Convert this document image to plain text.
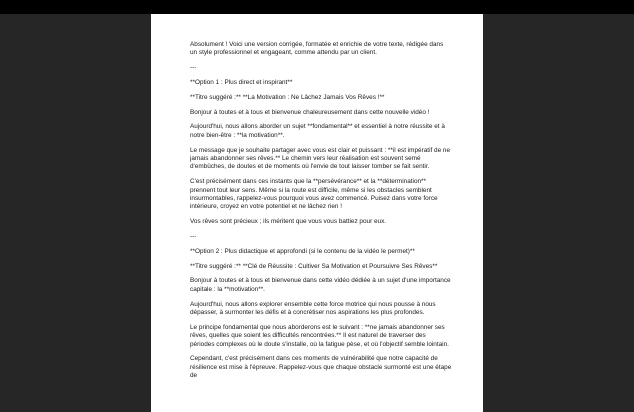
Absolument ! Voici une version corrigée, formatée et enrichie de votre texte, rédigée dans un style professionnel et engageant, comme attendu par un client.

---

**Option 1 : Plus direct et inspirant**

**Titre suggéré :** **La Motivation : Ne Lâchez Jamais Vos Rêves !**

Bonjour à toutes et à tous et bienvenue chaleureusement dans cette nouvelle vidéo !

Aujourd'hui, nous allons aborder un sujet **fondamental** et essentiel à notre réussite et à notre bien-être : **la motivation**.

Le message que je souhaite partager avec vous est clair et puissant : **il est impératif de ne jamais abandonner ses rêves.** Le chemin vers leur réalisation est souvent semé d'embûches, de doutes et de moments où l'envie de tout laisser tomber se fait sentir.

C'est précisément dans ces instants que la **persévérance** et la **détermination** prennent tout leur sens. Même si la route est difficile, même si les obstacles semblent insurmontables, rappelez-vous pourquoi vous avez commencé. Puisez dans votre force intérieure, croyez en votre potentiel et ne lâchez rien !

Vos rêves sont précieux ; ils méritent que vous vous battiez pour eux.

---

**Option 2 : Plus didactique et approfondi (si le contenu de la vidéo le permet)**

**Titre suggéré :** **Clé de Réussite : Cultiver Sa Motivation et Poursuivre Ses Rêves**

Bonjour à toutes et à tous et bienvenue dans cette vidéo dédiée à un sujet d'une importance capitale : la **motivation**.

Aujourd'hui, nous allons explorer ensemble cette force motrice qui nous pousse à nous dépasser, à surmonter les défis et à concrétiser nos aspirations les plus profondes.

Le principe fondamental que nous aborderons est le suivant : **ne jamais abandonner ses rêves, quelles que soient les difficultés rencontrées.** Il est naturel de traverser des périodes complexes où le doute s'installe, où la fatigue pèse, et où l'objectif semble lointain.

Cependant, c'est précisément dans ces moments de vulnérabilité que notre capacité de résilience est mise à l'épreuve. Rappelez-vous que chaque obstacle surmonté est une étape de
